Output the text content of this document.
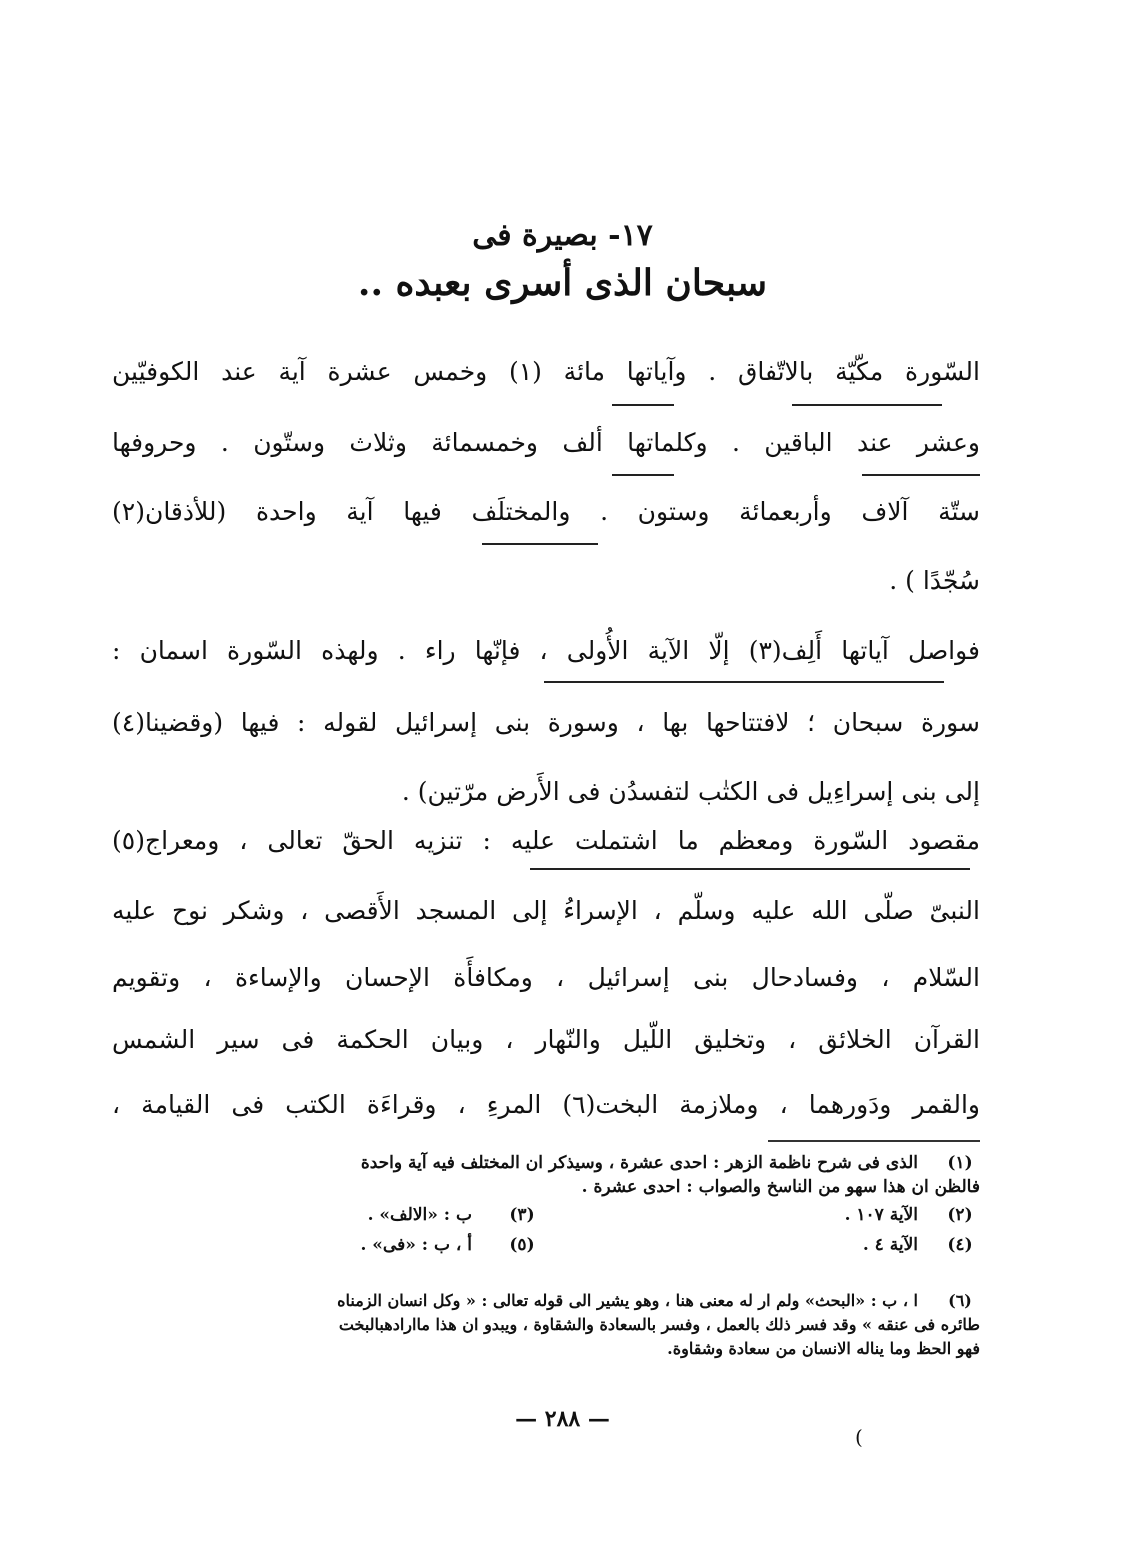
١٧- بصيرة فى
سبحان الذى أسرى بعبده ..
السّورة مكّيّة بالاتّفاق . وآياتها مائة (١) وخمس عشرة آية عند الكوفيّين
وعشر عند الباقين . وكلماتها ألف وخمسمائة وثلاث وستّون . وحروفها
ستّة آلاف وأربعمائة وستون . والمختلَف فيها آية واحدة (للأذقان(٢)
سُجّدًا ) .
فواصل آياتها أَلِف(٣) إلّا الآية الأُولى ، فإنّها راء . ولهذه السّورة اسمان :
سورة سبحان ؛ لافتتاحها بها ، وسورة بنى إسرائيل لقوله : فيها (وقضينا(٤)
إلى بنى إسراءِيل فى الكتٰب لتفسدُن فى الأَرض مرّتين) .
مقصود السّورة ومعظم ما اشتملت عليه : تنزيه الحقّ تعالى ، ومعراج(٥)
النبىّ صلّى الله عليه وسلّم ، الإسراءُ إلى المسجد الأَقصى ، وشكر نوح عليه
السّلام ، وفسادحال بنى إسرائيل ، ومكافأَة الإحسان والإساءة ، وتقويم
القرآن الخلائق ، وتخليق اللّيل والنّهار ، وبيان الحكمة فى سير الشمس
والقمر ودَورهما ، وملازمة البخت(٦) المرءِ ، وقراءَة الكتب فى القيامة ،
(١)
الذى فى شرح ناظمة الزهر : احدى عشرة ، وسيذكر ان المختلف فيه آية واحدة
فالظن ان هذا سهو من الناسخ والصواب : احدى عشرة .
(٢)
الآية ١٠٧ .
(٣)
ب : «الالف» .
(٤)
الآية ٤ .
(٥)
أ ، ب : «فى» .
(٦)
ا ، ب : «البحث» ولم ار له معنى هنا ، وهو يشير الى قوله تعالى : « وكل انسان الزمناه
طائره فى عنقه » وقد فسر ذلك بالعمل ، وفسر بالسعادة والشقاوة ، ويبدو ان هذا ماارادهبالبخت
فهو الحظ وما يناله الانسان من سعادة وشقاوة.
— ٢٨٨ —
(
